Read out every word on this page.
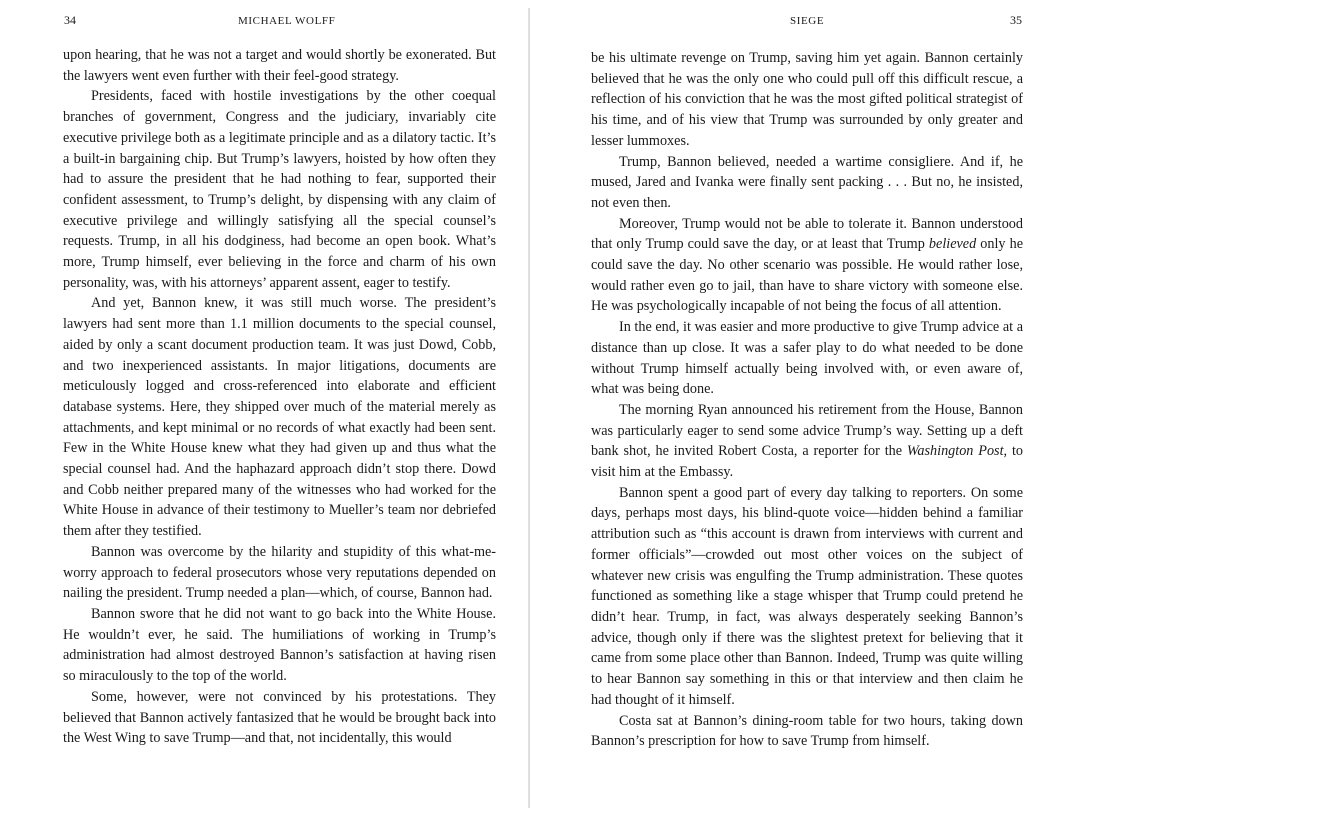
34	MICHAEL WOLFF

upon hearing, that he was not a target and would shortly be exonerated. But the lawyers went even further with their feel-good strategy.

Presidents, faced with hostile investigations by the other coequal branches of government, Congress and the judiciary, invariably cite executive privilege both as a legitimate principle and as a dilatory tactic. It’s a built-in bargaining chip. But Trump’s lawyers, hoisted by how often they had to assure the president that he had nothing to fear, supported their confident assessment, to Trump’s delight, by dispensing with any claim of executive privilege and willingly satisfying all the special counsel’s requests. Trump, in all his dodginess, had become an open book. What’s more, Trump himself, ever believing in the force and charm of his own personality, was, with his attorneys’ apparent assent, eager to testify.

And yet, Bannon knew, it was still much worse. The president’s lawyers had sent more than 1.1 million documents to the special counsel, aided by only a scant document production team. It was just Dowd, Cobb, and two inexperienced assistants. In major litigations, documents are meticulously logged and cross-referenced into elaborate and efficient database systems. Here, they shipped over much of the material merely as attachments, and kept minimal or no records of what exactly had been sent. Few in the White House knew what they had given up and thus what the special counsel had. And the haphazard approach didn’t stop there. Dowd and Cobb neither prepared many of the witnesses who had worked for the White House in advance of their testimony to Mueller’s team nor debriefed them after they testified.

Bannon was overcome by the hilarity and stupidity of this what-me-worry approach to federal prosecutors whose very reputations depended on nailing the president. Trump needed a plan—which, of course, Bannon had.

Bannon swore that he did not want to go back into the White House. He wouldn’t ever, he said. The humiliations of working in Trump’s administration had almost destroyed Bannon’s satisfaction at having risen so miraculously to the top of the world.

Some, however, were not convinced by his protestations. They believed that Bannon actively fantasized that he would be brought back into the West Wing to save Trump—and that, not incidentally, this would

SIEGE	35

be his ultimate revenge on Trump, saving him yet again. Bannon certainly believed that he was the only one who could pull off this difficult rescue, a reflection of his conviction that he was the most gifted political strategist of his time, and of his view that Trump was surrounded by only greater and lesser lummoxes.

Trump, Bannon believed, needed a wartime consigliere. And if, he mused, Jared and Ivanka were finally sent packing . . . But no, he insisted, not even then.

Moreover, Trump would not be able to tolerate it. Bannon understood that only Trump could save the day, or at least that Trump believed only he could save the day. No other scenario was possible. He would rather lose, would rather even go to jail, than have to share victory with someone else. He was psychologically incapable of not being the focus of all attention.

In the end, it was easier and more productive to give Trump advice at a distance than up close. It was a safer play to do what needed to be done without Trump himself actually being involved with, or even aware of, what was being done.

The morning Ryan announced his retirement from the House, Bannon was particularly eager to send some advice Trump’s way. Setting up a deft bank shot, he invited Robert Costa, a reporter for the Washington Post, to visit him at the Embassy.

Bannon spent a good part of every day talking to reporters. On some days, perhaps most days, his blind-quote voice—hidden behind a familiar attribution such as “this account is drawn from interviews with current and former officials”—crowded out most other voices on the subject of whatever new crisis was engulfing the Trump administration. These quotes functioned as something like a stage whisper that Trump could pretend he didn’t hear. Trump, in fact, was always desperately seeking Bannon’s advice, though only if there was the slightest pretext for believing that it came from some place other than Bannon. Indeed, Trump was quite willing to hear Bannon say something in this or that interview and then claim he had thought of it himself.

Costa sat at Bannon’s dining-room table for two hours, taking down Bannon’s prescription for how to save Trump from himself.
